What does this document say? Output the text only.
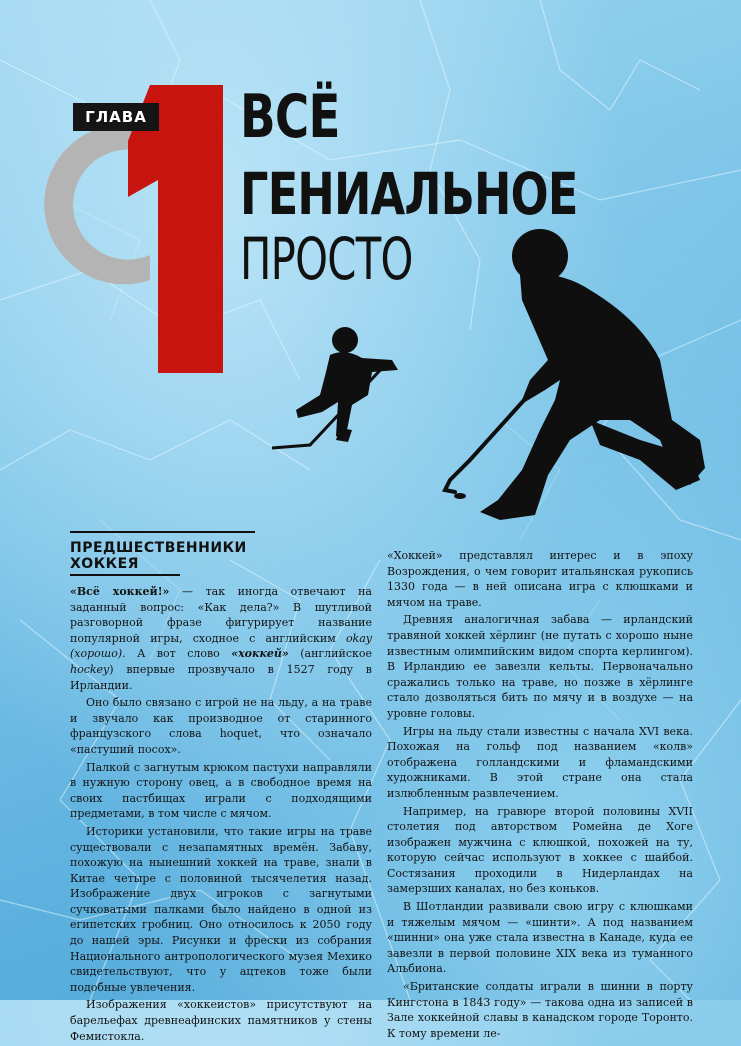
ГЛАВА ВСЁ
ГЕНИАЛЬНОЕ
ПРОСТО
ПРЕДШЕСТВЕННИКИ
ХОККЕЯ

«Всё хоккей!» — так иногда отвечают на заданный вопрос: «Как дела?» В шутливой разговорной фразе фигурирует название популярной игры, сходное с английским okay (хорошо). А вот слово «хоккей» (английское hockey) впервые прозвучало в 1527 году в Ирландии.

Оно было связано с игрой не на льду, а на траве и звучало как производное от старинного французского слова hoquet, что означало «пастуший посох».

Палкой с загнутым крюком пастухи направляли в нужную сторону овец, а в свободное время на своих пастбищах играли с подходящими предметами, в том числе с мячом.

Историки установили, что такие игры на траве существовали с незапамятных времён. Забаву, похожую на нынешний хоккей на траве, знали в Китае четыре с половиной тысячелетия назад. Изображение двух игроков с загнутыми сучковатыми палками было найдено в одной из египетских гробниц. Оно относилось к 2050 году до нашей эры. Рисунки и фрески из собрания Национального антропологического музея Мехико свидетельствуют, что у ацтеков тоже были подобные увлечения.

Изображения «хоккеистов» присутствуют на барельефах древнеафинских памятников у стены Фемистокла.

«Хоккей» представлял интерес и в эпоху Возрождения, о чем говорит итальянская рукопись 1330 года — в ней описана игра с клюшками и мячом на траве.

Древняя аналогичная забава — ирландский травяной хоккей хёрлинг (не путать с хорошо ныне известным олимпийским видом спорта керлингом). В Ирландию ее завезли кельты. Первоначально сражались только на траве, но позже в хёрлинге стало дозволяться бить по мячу и в воздухе — на уровне головы.

Игры на льду стали известны с начала XVI века. Похожая на гольф под названием «колв» отображена голландскими и фламандскими художниками. В этой стране она стала излюбленным развлечением.

Например, на гравюре второй половины XVII столетия под авторством Ромейна де Хоге изображен мужчина с клюшкой, похожей на ту, которую сейчас используют в хоккее с шайбой. Состязания проходили в Нидерландах на замерзших каналах, но без коньков.

В Шотландии развивали свою игру с клюшками и тяжелым мячом — «шинти». А под названием «шинни» она уже стала известна в Канаде, куда ее завезли в первой половине XIX века из туманного Альбиона.

«Британские солдаты играли в шинни в порту Кингстона в 1843 году» — такова одна из записей в Зале хоккейной славы в канадском городе Торонто. К тому времени ле-
